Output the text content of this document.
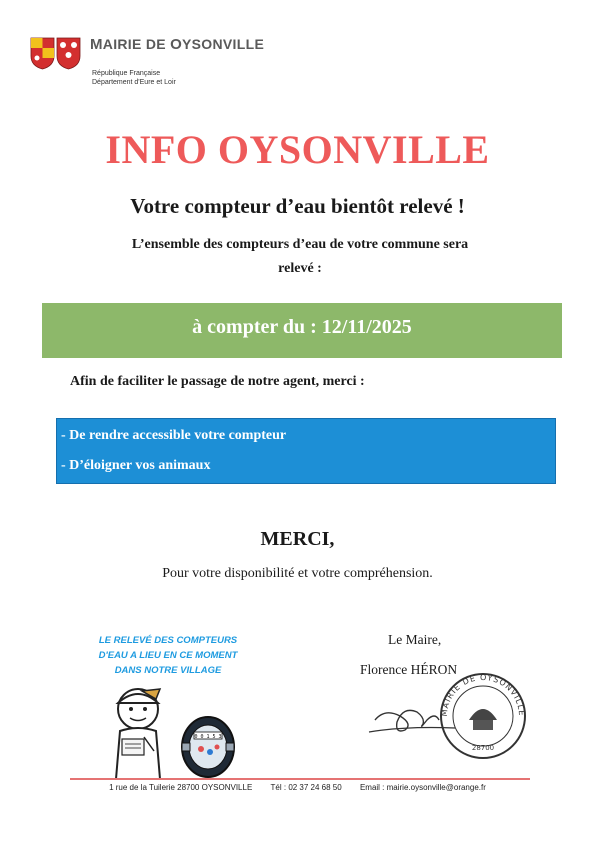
MAIRIE DE OYSONVILLE
République Française
Département d'Eure et Loir
INFO OYSONVILLE
Votre compteur d’eau bientôt relevé !
L’ensemble des compteurs d’eau de votre commune sera
relevé :
à compter du : 12/11/2025
Afin de faciliter le passage de notre agent, merci :
- De rendre accessible votre compteur
- D’éloigner vos animaux
MERCI,
Pour votre disponibilité et votre compréhension.
LE RELEVÉ DES COMPTEURS
D'EAU A LIEU EN CE MOMENT
DANS NOTRE VILLAGE
0 0 1 5 3
Le Maire,
Florence HÉRON
MAIRIE DE OYSONVILLE
28700
1 rue de la Tuilerie 28700 OYSONVILLE Tél : 02 37 24 68 50 Email : mairie.oysonville@orange.fr
